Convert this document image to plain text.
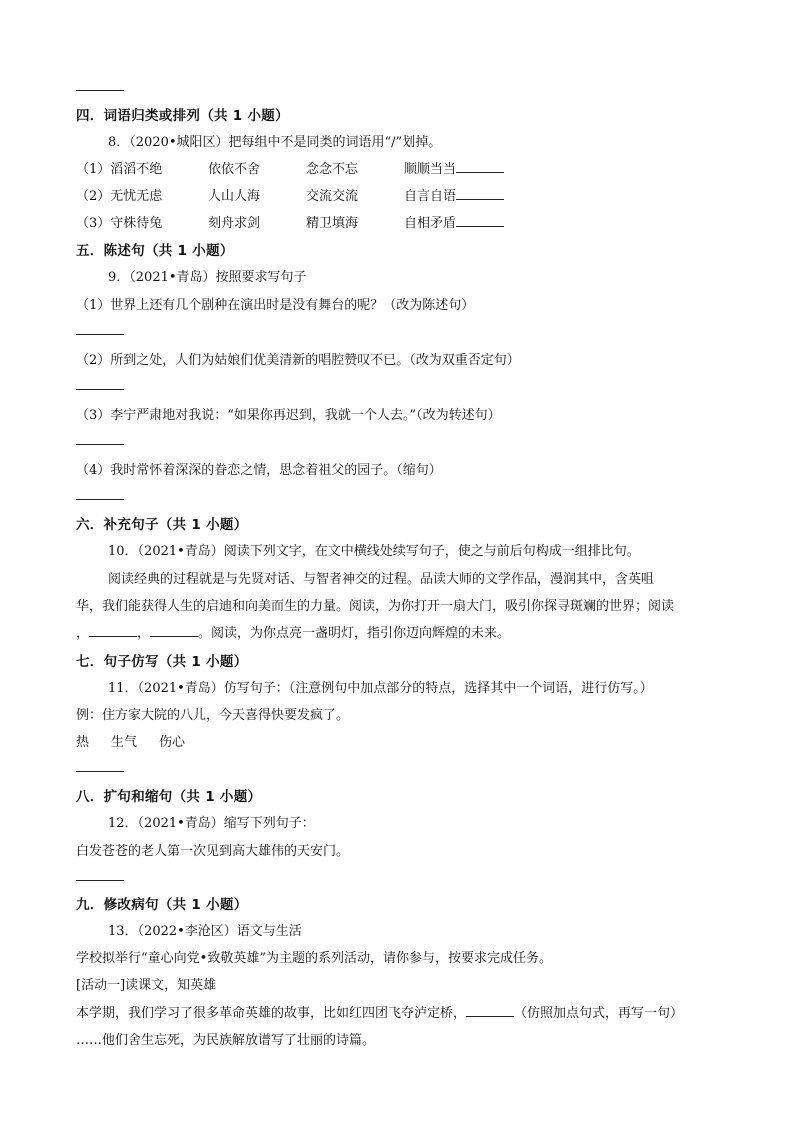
四．词语归类或排列（共 1 小题）
8．（2020•城阳区）把每组中不是同类的词语用“/”划掉。
（1）滔滔不绝	依依不舍	念念不忘	顺顺当当
（2）无忧无虑	人山人海	交流交流	自言自语
（3）守株待兔	刻舟求剑	精卫填海	自相矛盾
五．陈述句（共 1 小题）
9．（2021•青岛）按照要求写句子
（1）世界上还有几个剧种在演出时是没有舞台的呢？（改为陈述句）
（2）所到之处，人们为姑娘们优美清新的唱腔赞叹不已。（改为双重否定句）
（3）李宁严肃地对我说：“如果你再迟到，我就一个人去。”（改为转述句）
（4）我时常怀着深深的眷恋之情，思念着祖父的园子。（缩句）
六．补充句子（共 1 小题）
10．（2021•青岛）阅读下列文字，在文中横线处续写句子，使之与前后句构成一组排比句。
阅读经典的过程就是与先贤对话、与智者神交的过程。品读大师的文学作品，漫润其中，含英咀
华，我们能获得人生的启迪和向美而生的力量。阅读，为你打开一扇大门，吸引你探寻斑斓的世界；阅读
，	，	。阅读，为你点亮一盏明灯，指引你迈向辉煌的未来。
七．句子仿写（共 1 小题）
11．（2021•青岛）仿写句子：（注意例句中加点部分的特点，选择其中一个词语，进行仿写。）
例：住方家大院的八儿，今天喜得快要发疯了。
热 生气 伤心
八．扩句和缩句（共 1 小题）
12．（2021•青岛）缩写下列句子：
白发苍苍的老人第一次见到高大雄伟的天安门。
九．修改病句（共 1 小题）
13．（2022•李沧区）语文与生活
学校拟举行“童心向党•致敬英雄”为主题的系列活动，请你参与，按要求完成任务。
[活动一]读课文，知英雄
本学期，我们学习了很多革命英雄的故事，比如红四团飞夺泸定桥，	（仿照加点句式，再写一句）
……他们舍生忘死，为民族解放谱写了壮丽的诗篇。
